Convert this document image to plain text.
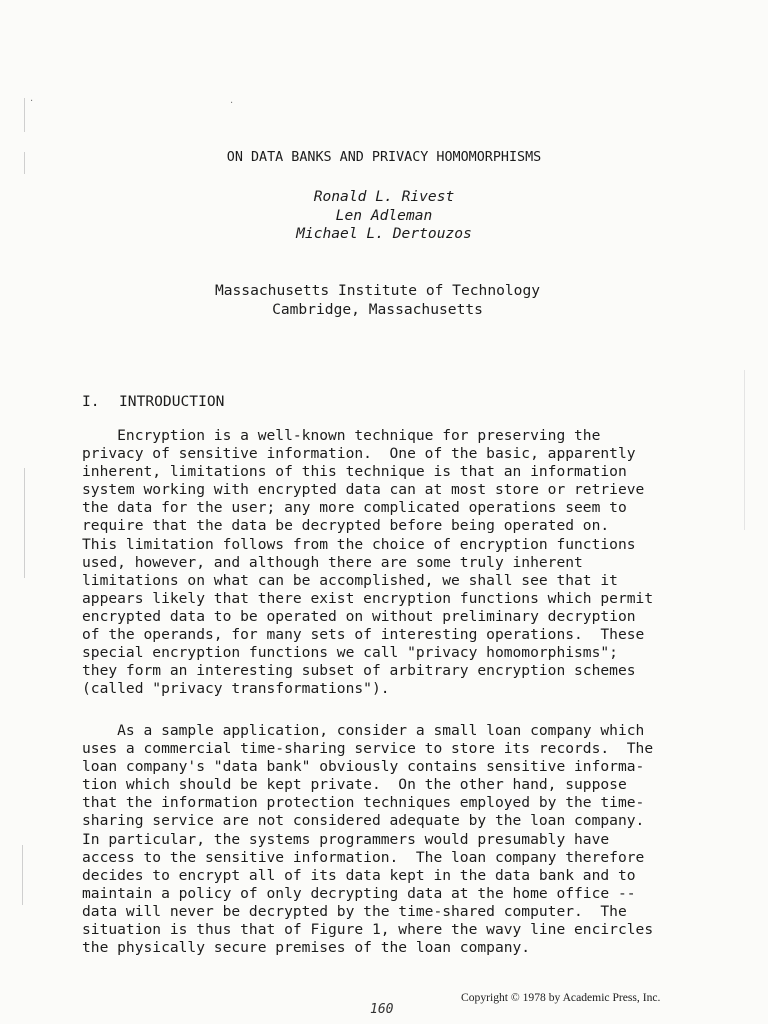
·	·
ON DATA BANKS AND PRIVACY HOMOMORPHISMS
Ronald L. Rivest
Len Adleman
Michael L. Dertouzos
Massachusetts Institute of Technology
Cambridge, Massachusetts
I. INTRODUCTION
Encryption is a well-known technique for preserving the
privacy of sensitive information.  One of the basic, apparently
inherent, limitations of this technique is that an information
system working with encrypted data can at most store or retrieve
the data for the user; any more complicated operations seem to
require that the data be decrypted before being operated on.
This limitation follows from the choice of encryption functions
used, however, and although there are some truly inherent
limitations on what can be accomplished, we shall see that it
appears likely that there exist encryption functions which permit
encrypted data to be operated on without preliminary decryption
of the operands, for many sets of interesting operations.  These
special encryption functions we call "privacy homomorphisms";
they form an interesting subset of arbitrary encryption schemes
(called "privacy transformations").
As a sample application, consider a small loan company which
uses a commercial time-sharing service to store its records.  The
loan company's "data bank" obviously contains sensitive informa-
tion which should be kept private.  On the other hand, suppose
that the information protection techniques employed by the time-
sharing service are not considered adequate by the loan company.
In particular, the systems programmers would presumably have
access to the sensitive information.  The loan company therefore
decides to encrypt all of its data kept in the data bank and to
maintain a policy of only decrypting data at the home office --
data will never be decrypted by the time-shared computer.  The
situation is thus that of Figure 1, where the wavy line encircles
the physically secure premises of the loan company.
Copyright © 1978 by Academic Press, Inc.
160
